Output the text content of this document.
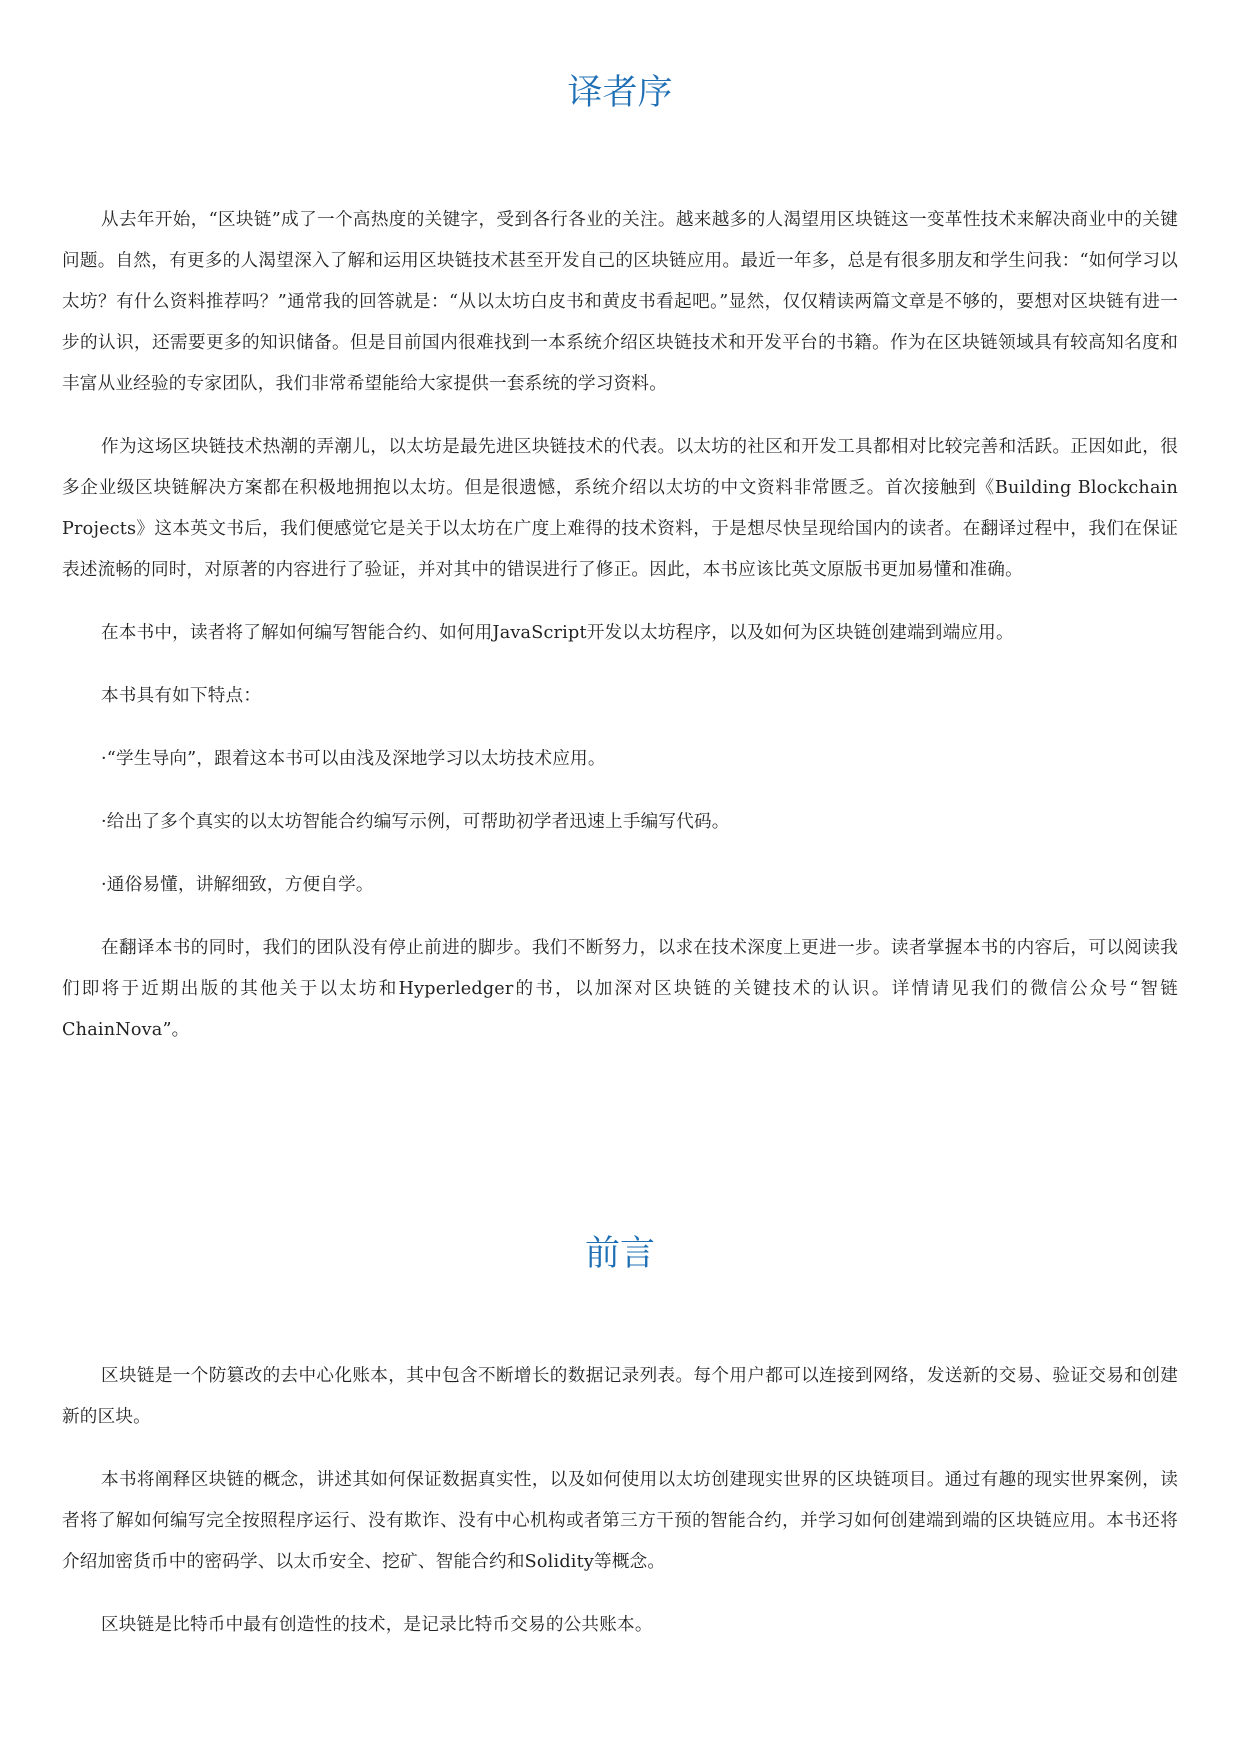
译者序

从去年开始，“区块链”成了一个高热度的关键字，受到各行各业的关注。越来越多的人渴望用区块链这一变革性技术来解决商业中的关键问题。自然，有更多的人渴望深入了解和运用区块链技术甚至开发自己的区块链应用。最近一年多，总是有很多朋友和学生问我：“如何学习以太坊？有什么资料推荐吗？”通常我的回答就是：“从以太坊白皮书和黄皮书看起吧。”显然，仅仅精读两篇文章是不够的，要想对区块链有进一步的认识，还需要更多的知识储备。但是目前国内很难找到一本系统介绍区块链技术和开发平台的书籍。作为在区块链领域具有较高知名度和丰富从业经验的专家团队，我们非常希望能给大家提供一套系统的学习资料。

作为这场区块链技术热潮的弄潮儿，以太坊是最先进区块链技术的代表。以太坊的社区和开发工具都相对比较完善和活跃。正因如此，很多企业级区块链解决方案都在积极地拥抱以太坊。但是很遗憾，系统介绍以太坊的中文资料非常匮乏。首次接触到《Building Blockchain Projects》这本英文书后，我们便感觉它是关于以太坊在广度上难得的技术资料，于是想尽快呈现给国内的读者。在翻译过程中，我们在保证表述流畅的同时，对原著的内容进行了验证，并对其中的错误进行了修正。因此，本书应该比英文原版书更加易懂和准确。

在本书中，读者将了解如何编写智能合约、如何用JavaScript开发以太坊程序，以及如何为区块链创建端到端应用。

本书具有如下特点：

·“学生导向”，跟着这本书可以由浅及深地学习以太坊技术应用。

·给出了多个真实的以太坊智能合约编写示例，可帮助初学者迅速上手编写代码。

·通俗易懂，讲解细致，方便自学。

在翻译本书的同时，我们的团队没有停止前进的脚步。我们不断努力，以求在技术深度上更进一步。读者掌握本书的内容后，可以阅读我们即将于近期出版的其他关于以太坊和Hyperledger的书，以加深对区块链的关键技术的认识。详情请见我们的微信公众号“智链ChainNova”。

前言

区块链是一个防篡改的去中心化账本，其中包含不断增长的数据记录列表。每个用户都可以连接到网络，发送新的交易、验证交易和创建新的区块。

本书将阐释区块链的概念，讲述其如何保证数据真实性，以及如何使用以太坊创建现实世界的区块链项目。通过有趣的现实世界案例，读者将了解如何编写完全按照程序运行、没有欺诈、没有中心机构或者第三方干预的智能合约，并学习如何创建端到端的区块链应用。本书还将介绍加密货币中的密码学、以太币安全、挖矿、智能合约和Solidity等概念。

区块链是比特币中最有创造性的技术，是记录比特币交易的公共账本。
